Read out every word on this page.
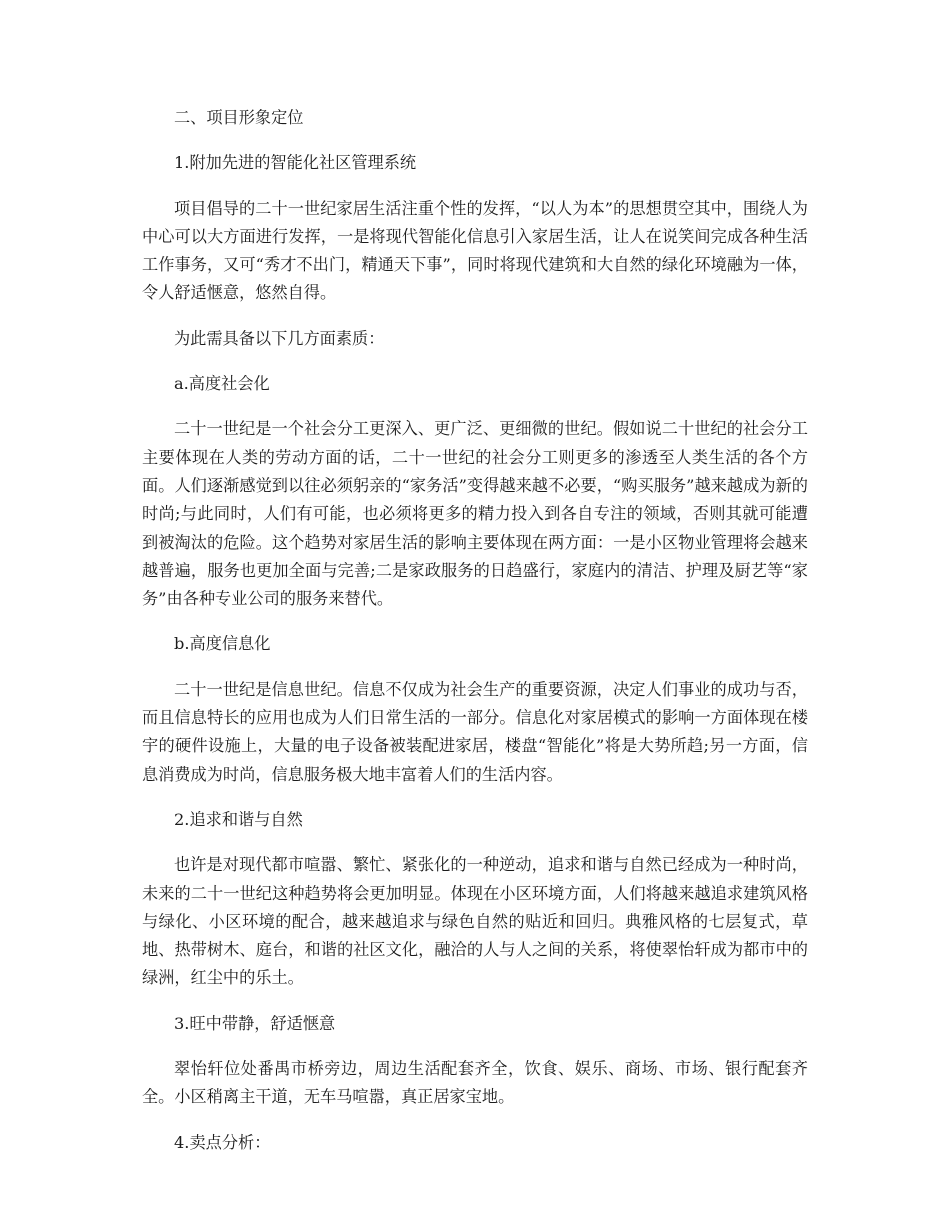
二、项目形象定位

1.附加先进的智能化社区管理系统

项目倡导的二十一世纪家居生活注重个性的发挥，“以人为本”的思想贯空其中，围绕人为中心可以大方面进行发挥，一是将现代智能化信息引入家居生活，让人在说笑间完成各种生活工作事务，又可“秀才不出门，精通天下事”，同时将现代建筑和大自然的绿化环境融为一体，令人舒适惬意，悠然自得。

为此需具备以下几方面素质：

a.高度社会化

二十一世纪是一个社会分工更深入、更广泛、更细微的世纪。假如说二十世纪的社会分工主要体现在人类的劳动方面的话，二十一世纪的社会分工则更多的渗透至人类生活的各个方面。人们逐渐感觉到以往必须躬亲的“家务活”变得越来越不必要，“购买服务”越来越成为新的时尚;与此同时，人们有可能，也必须将更多的精力投入到各自专注的领域，否则其就可能遭到被淘汰的危险。这个趋势对家居生活的影响主要体现在两方面：一是小区物业管理将会越来越普遍，服务也更加全面与完善;二是家政服务的日趋盛行，家庭内的清洁、护理及厨艺等“家务”由各种专业公司的服务来替代。

b.高度信息化

二十一世纪是信息世纪。信息不仅成为社会生产的重要资源，决定人们事业的成功与否，而且信息特长的应用也成为人们日常生活的一部分。信息化对家居模式的影响一方面体现在楼宇的硬件设施上，大量的电子设备被装配进家居，楼盘“智能化”将是大势所趋;另一方面，信息消费成为时尚，信息服务极大地丰富着人们的生活内容。

2.追求和谐与自然

也许是对现代都市喧嚣、繁忙、紧张化的一种逆动，追求和谐与自然已经成为一种时尚，未来的二十一世纪这种趋势将会更加明显。体现在小区环境方面，人们将越来越追求建筑风格与绿化、小区环境的配合，越来越追求与绿色自然的贴近和回归。典雅风格的七层复式，草地、热带树木、庭台，和谐的社区文化，融洽的人与人之间的关系，将使翠怡轩成为都市中的绿洲，红尘中的乐土。

3.旺中带静，舒适惬意

翠怡轩位处番禺市桥旁边，周边生活配套齐全，饮食、娱乐、商场、市场、银行配套齐全。小区稍离主干道，无车马喧嚣，真正居家宝地。

4.卖点分析：
